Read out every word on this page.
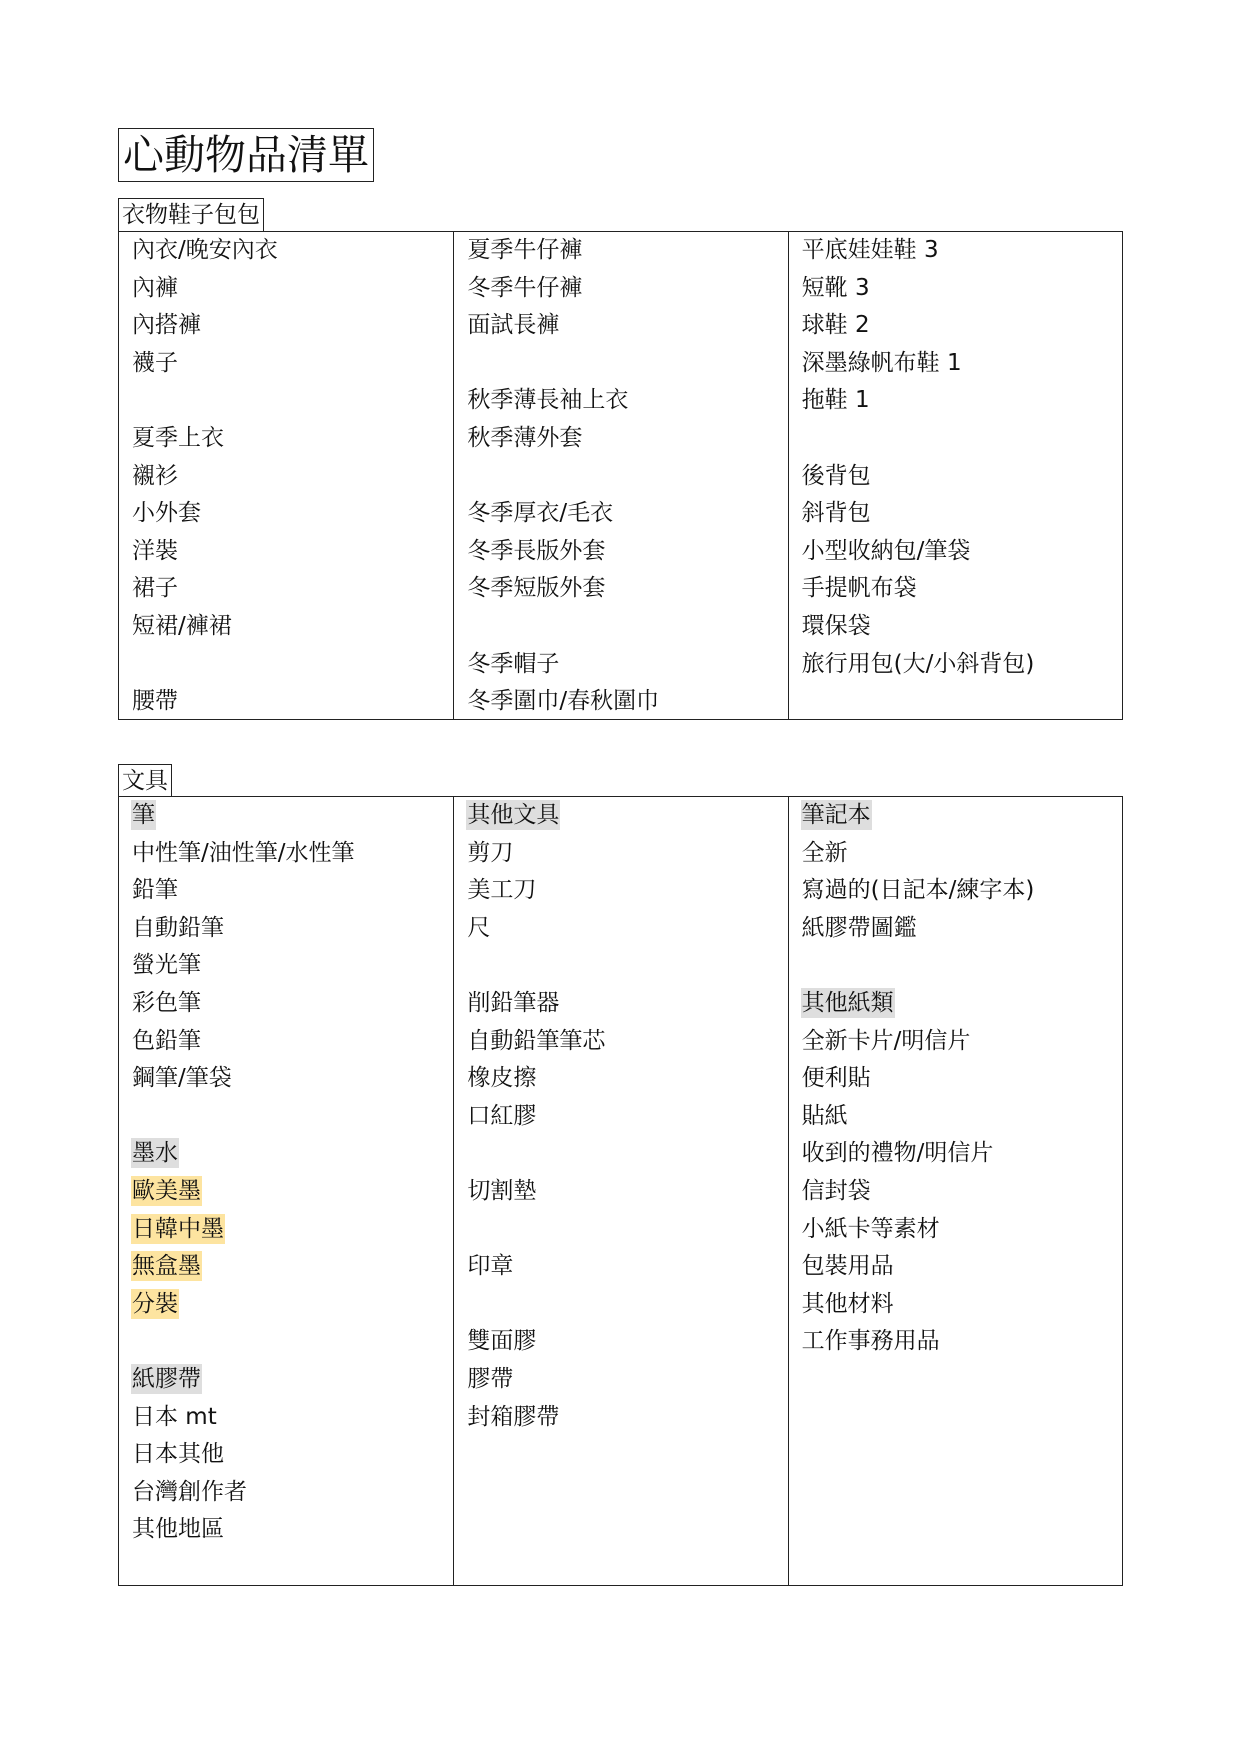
心動物品清單
衣物鞋子包包
內衣/晚安內衣
內褲
內搭褲
襪子
夏季上衣
襯衫
小外套
洋裝
裙子
短裙/褲裙
腰帶
夏季牛仔褲
冬季牛仔褲
面試長褲
秋季薄長袖上衣
秋季薄外套
冬季厚衣/毛衣
冬季長版外套
冬季短版外套
冬季帽子
冬季圍巾/春秋圍巾
平底娃娃鞋 3
短靴 3
球鞋 2
深墨綠帆布鞋 1
拖鞋 1
後背包
斜背包
小型收納包/筆袋
手提帆布袋
環保袋
旅行用包(大/小斜背包)
文具
筆
中性筆/油性筆/水性筆
鉛筆
自動鉛筆
螢光筆
彩色筆
色鉛筆
鋼筆/筆袋
墨水
歐美墨
日韓中墨
無盒墨
分裝
紙膠帶
日本 mt
日本其他
台灣創作者
其他地區
其他文具
剪刀
美工刀
尺
削鉛筆器
自動鉛筆筆芯
橡皮擦
口紅膠
切割墊
印章
雙面膠
膠帶
封箱膠帶
筆記本
全新
寫過的(日記本/練字本)
紙膠帶圖鑑
其他紙類
全新卡片/明信片
便利貼
貼紙
收到的禮物/明信片
信封袋
小紙卡等素材
包裝用品
其他材料
工作事務用品
